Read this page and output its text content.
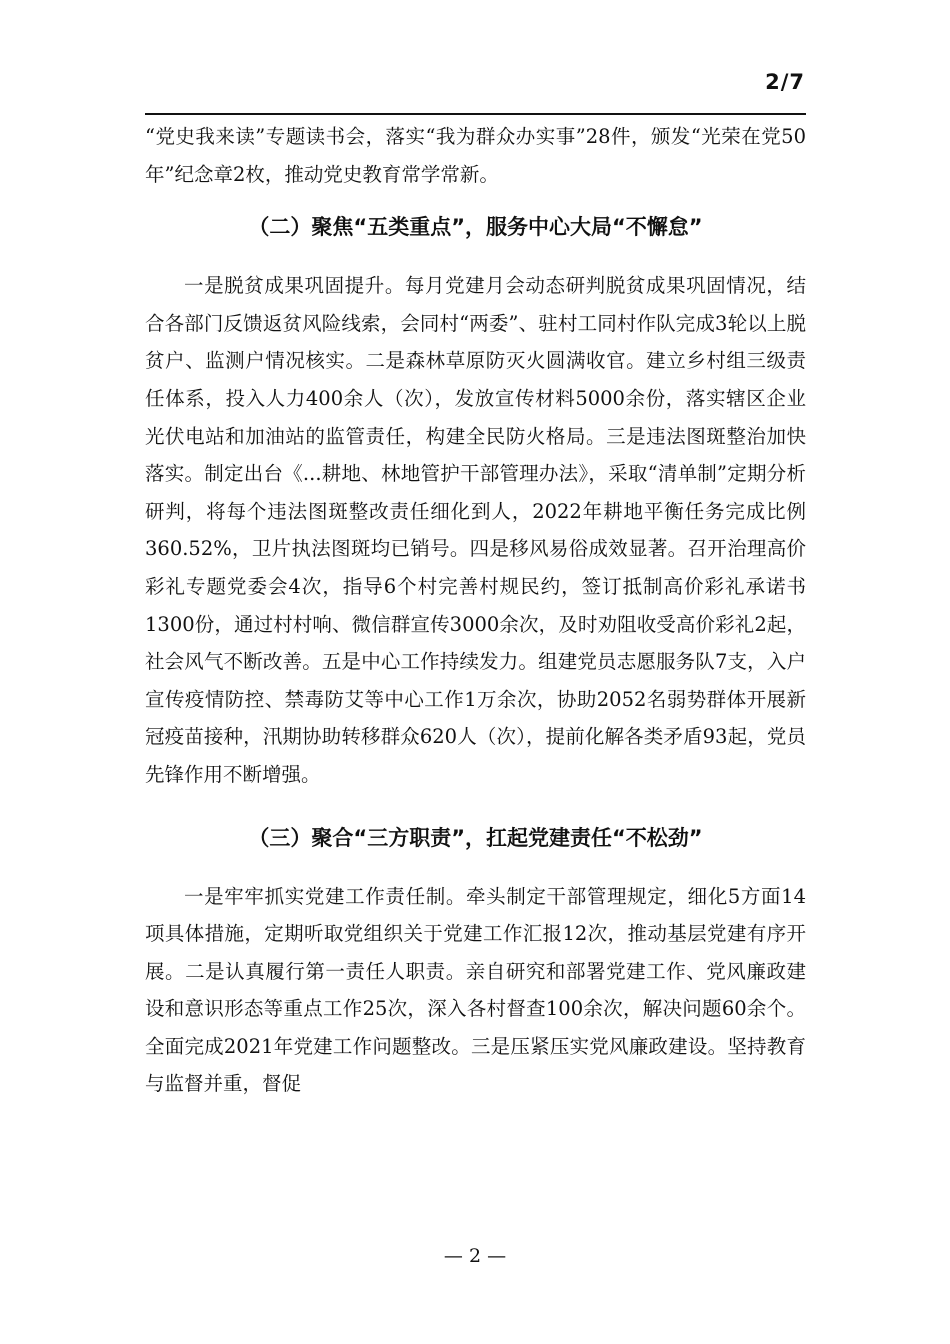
2/7

“党史我来读”专题读书会，落实“我为群众办实事”28件，颁发“光荣在党50年”纪念章2枚，推动党史教育常学常新。

（二）聚焦“五类重点”，服务中心大局“不懈怠”

一是脱贫成果巩固提升。每月党建月会动态研判脱贫成果巩固情况，结合各部门反馈返贫风险线索，会同村“两委”、驻村工同村作队完成3轮以上脱贫户、监测户情况核实。二是森林草原防灭火圆满收官。建立乡村组三级责任体系，投入人力400余人（次），发放宣传材料5000余份，落实辖区企业光伏电站和加油站的监管责任，构建全民防火格局。三是违法图斑整治加快落实。制定出台《...耕地、林地管护干部管理办法》，采取“清单制”定期分析研判，将每个违法图斑整改责任细化到人，2022年耕地平衡任务完成比例360.52%，卫片执法图斑均已销号。四是移风易俗成效显著。召开治理高价彩礼专题党委会4次，指导6个村完善村规民约，签订抵制高价彩礼承诺书1300份，通过村村响、微信群宣传3000余次，及时劝阻收受高价彩礼2起，社会风气不断改善。五是中心工作持续发力。组建党员志愿服务队7支，入户宣传疫情防控、禁毒防艾等中心工作1万余次，协助2052名弱势群体开展新冠疫苗接种，汛期协助转移群众620人（次），提前化解各类矛盾93起，党员先锋作用不断增强。

（三）聚合“三方职责”，扛起党建责任“不松劲”

一是牢牢抓实党建工作责任制。牵头制定干部管理规定，细化5方面14项具体措施，定期听取党组织关于党建工作汇报12次，推动基层党建有序开展。二是认真履行第一责任人职责。亲自研究和部署党建工作、党风廉政建设和意识形态等重点工作25次，深入各村督查100余次，解决问题60余个。全面完成2021年党建工作问题整改。三是压紧压实党风廉政建设。坚持教育与监督并重，督促

— 2 —
